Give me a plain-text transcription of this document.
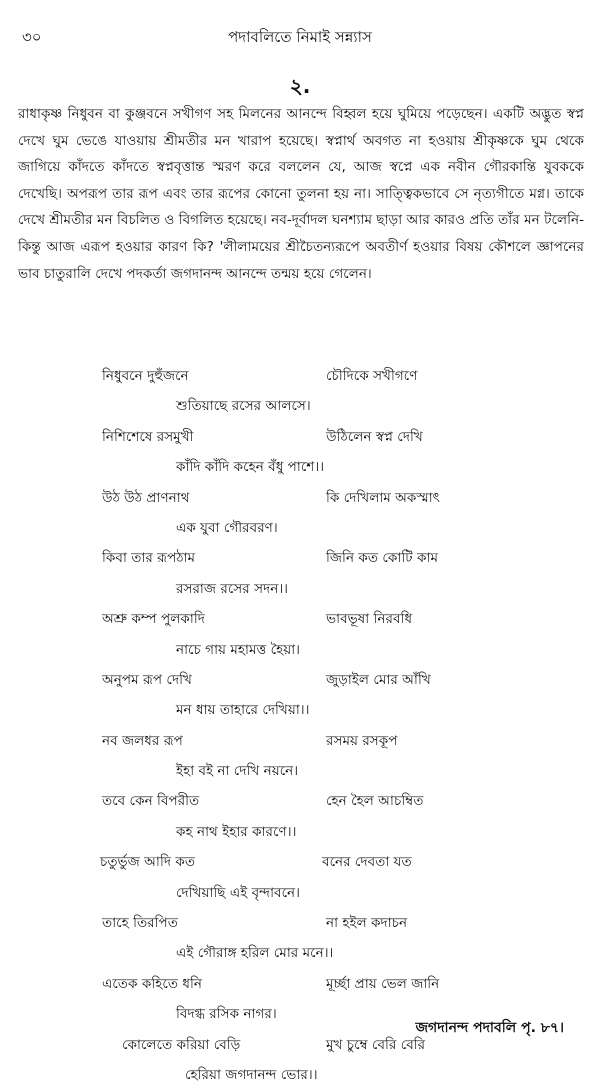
৩০	পদাবলিতে নিমাই সন্ন্যাস
২.

রাধাকৃষ্ণ নিধুবন বা কুঞ্জবনে সখীগণ সহ মিলনের আনন্দে বিহ্বল হয়ে ঘুমিয়ে পড়েছেন। একটি অদ্ভুত স্বপ্ন দেখে ঘুম ভেঙে যাওয়ায় শ্রীমতীর মন খারাপ হয়েছে। স্বপ্নার্থ অবগত না হওয়ায় শ্রীকৃষ্ণকে ঘুম থেকে জাগিয়ে কাঁদতে কাঁদতে স্বপ্নবৃত্তান্ত স্মরণ করে বললেন যে, আজ স্বপ্নে এক নবীন গৌরকান্তি যুবককে দেখেছি। অপরূপ তার রূপ এবং তার রূপের কোনো তুলনা হয় না। সাত্ত্বিকভাবে সে নৃত্যগীতে মগ্ন। তাকে দেখে শ্রীমতীর মন বিচলিত ও বিগলিত হয়েছে। নব-দূর্বাদল ঘনশ্যাম ছাড়া আর কারও প্রতি তাঁর মন টলেনি-কিন্তু আজ এরূপ হওয়ার কারণ কি? 'লীলাময়ের শ্রীচৈতন্যরূপে অবতীর্ণ হওয়ার বিষয় কৌশলে জ্ঞাপনের ভাব চাতুরালি দেখে পদকর্তা জগদানন্দ আনন্দে তন্ময় হয়ে গেলেন।

নিধুবনে দুহুঁজনে	চৌদিকে সখীগণে
শুতিয়াছে রসের আলসে।
নিশিশেষে রসমুখী	উঠিলেন স্বপ্ন দেখি
কাঁদি কাঁদি কহেন বঁধু পাশে।।
উঠ উঠ প্রাণনাথ	কি দেখিলাম অকস্মাৎ
এক যুবা গৌরবরণ।
কিবা তার রূপঠাম	জিনি কত কোটি কাম
রসরাজ রসের সদন।।
অশ্রু কম্প পুলকাদি	ভাবভূষা নিরবধি
নাচে গায় মহামত্ত হৈয়া।
অনুপম রূপ দেখি	জুড়াইল মোর আঁখি
মন ধায় তাহারে দেখিয়া।।
নব জলধর রূপ	রসময় রসকূপ
ইহা বই না দেখি নয়নে।
তবে কেন বিপরীত	হেন হৈল আচম্বিত
কহ নাথ ইহার কারণে।।
চতুর্ভুজ আদি কত	বনের দেবতা যত
দেখিয়াছি এই বৃন্দাবনে।
তাহে তিরপিত	না হইল কদাচন
এই গৌরাঙ্গ হরিল মোর মনে।।
এতেক কহিতে ধনি	মূর্চ্ছা প্রায় ভেল জানি
বিদগ্ধ রসিক নাগর।
কোলেতে করিয়া বেড়ি	মুখ চুম্বে বেরি বেরি
হেরিয়া জগদানন্দ ভোর।।
জগদানন্দ পদাবলি পৃ. ৮৭।
